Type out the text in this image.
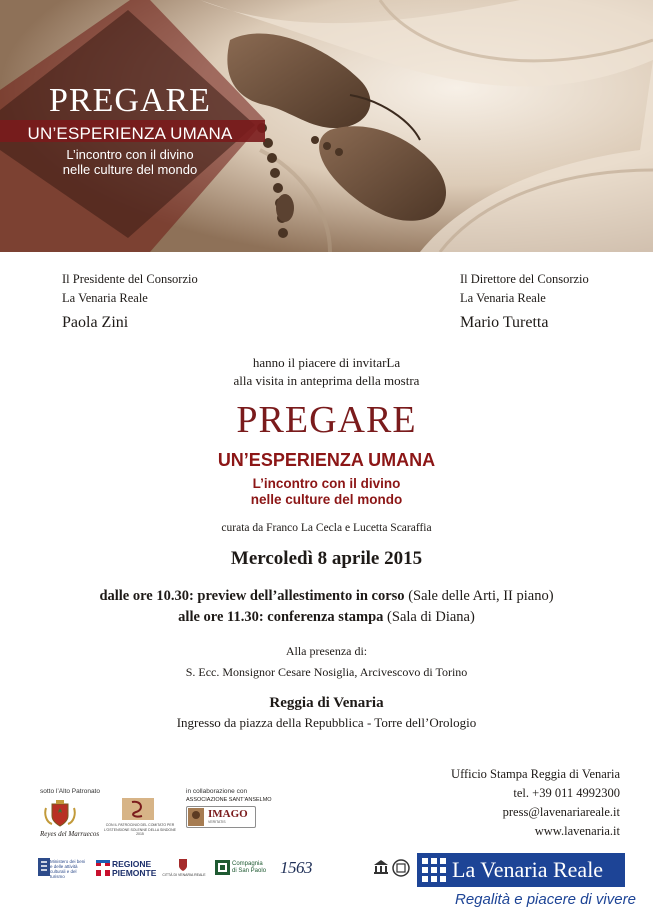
PREGARE
UN’ESPERIENZA UMANA
L’incontro con il divino
nelle culture del mondo
Il Presidente del Consorzio
La Venaria Reale
Paola Zini
Il Direttore del Consorzio
La Venaria Reale
Mario Turetta
hanno il piacere di invitarLa
alla visita in anteprima della mostra
PREGARE
UN’ESPERIENZA UMANA
L’incontro con il divino
nelle culture del mondo
curata da Franco La Cecla e Lucetta Scaraffia
Mercoledì 8 aprile 2015
dalle ore 10.30: preview dell’allestimento in corso (Sale delle Arti, II piano)
alle ore 11.30: conferenza stampa (Sala di Diana)
Alla presenza di:
S. Ecc. Monsignor Cesare Nosiglia, Arcivescovo di Torino
Reggia di Venaria
Ingresso da piazza della Repubblica - Torre dell’Orologio
Ufficio Stampa Reggia di Venaria
tel. +39 011 4992300
press@lavenariareale.it
www.lavenaria.it
sotto l’Alto Patronato
Reyes del Marruecos
CON IL PATROCINIO DEL COMITATO PER L’OSTENSIONE SOLENNE DELLA SINDONE 2015
in collaborazione con
ASSOCIAZIONE SANT’ANSELMO
IMAGO
VERITATIS
Ministero dei beni e delle attività culturali e del turismo
REGIONE
PIEMONTE	CITTÀ DI VENARIA REALE
Compagnia
di San Paolo 1563	La Venaria Reale
Regalità e piacere di vivere
